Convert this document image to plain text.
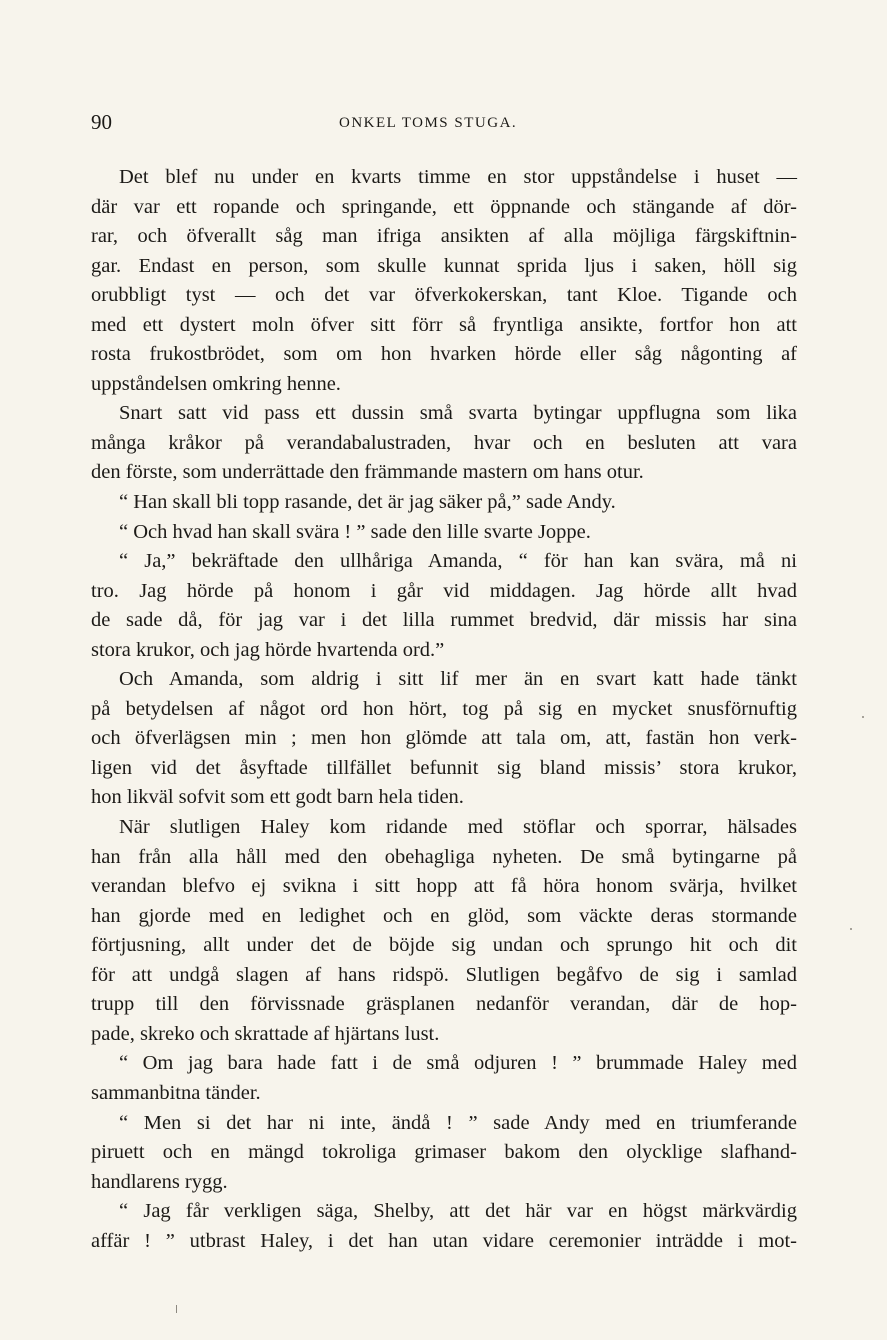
90	ONKEL TOMS STUGA.
Det blef nu under en kvarts timme en stor uppståndelse i huset —
där var ett ropande och springande, ett öppnande och stängande af dör-
rar, och öfverallt såg man ifriga ansikten af alla möjliga färgskiftnin-
gar. Endast en person, som skulle kunnat sprida ljus i saken, höll sig
orubbligt tyst — och det var öfverkokerskan, tant Kloe. Tigande och
med ett dystert moln öfver sitt förr så fryntliga ansikte, fortfor hon att
rosta frukostbrödet, som om hon hvarken hörde eller såg någonting af
uppståndelsen omkring henne.
Snart satt vid pass ett dussin små svarta bytingar uppflugna som lika
många kråkor på verandabalustraden, hvar och en besluten att vara
den förste, som underrättade den främmande mastern om hans otur.
“ Han skall bli topp rasande, det är jag säker på,” sade Andy.
“ Och hvad han skall svära ! ” sade den lille svarte Joppe.
“ Ja,” bekräftade den ullhåriga Amanda, “ för han kan svära, må ni
tro. Jag hörde på honom i går vid middagen. Jag hörde allt hvad
de sade då, för jag var i det lilla rummet bredvid, där missis har sina
stora krukor, och jag hörde hvartenda ord.”
Och Amanda, som aldrig i sitt lif mer än en svart katt hade tänkt
på betydelsen af något ord hon hört, tog på sig en mycket snusförnuftig
och öfverlägsen min ; men hon glömde att tala om, att, fastän hon verk-
ligen vid det åsyftade tillfället befunnit sig bland missis’ stora krukor,
hon likväl sofvit som ett godt barn hela tiden.
När slutligen Haley kom ridande med stöflar och sporrar, hälsades
han från alla håll med den obehagliga nyheten. De små bytingarne på
verandan blefvo ej svikna i sitt hopp att få höra honom svärja, hvilket
han gjorde med en ledighet och en glöd, som väckte deras stormande
förtjusning, allt under det de böjde sig undan och sprungo hit och dit
för att undgå slagen af hans ridspö. Slutligen begåfvo de sig i samlad
trupp till den förvissnade gräsplanen nedanför verandan, där de hop-
pade, skreko och skrattade af hjärtans lust.
“ Om jag bara hade fatt i de små odjuren ! ” brummade Haley med
sammanbitna tänder.
“ Men si det har ni inte, ändå ! ” sade Andy med en triumferande
piruett och en mängd tokroliga grimaser bakom den olycklige slafhand-
handlarens rygg.
“ Jag får verkligen säga, Shelby, att det här var en högst märkvärdig
affär ! ” utbrast Haley, i det han utan vidare ceremonier inträdde i mot-
